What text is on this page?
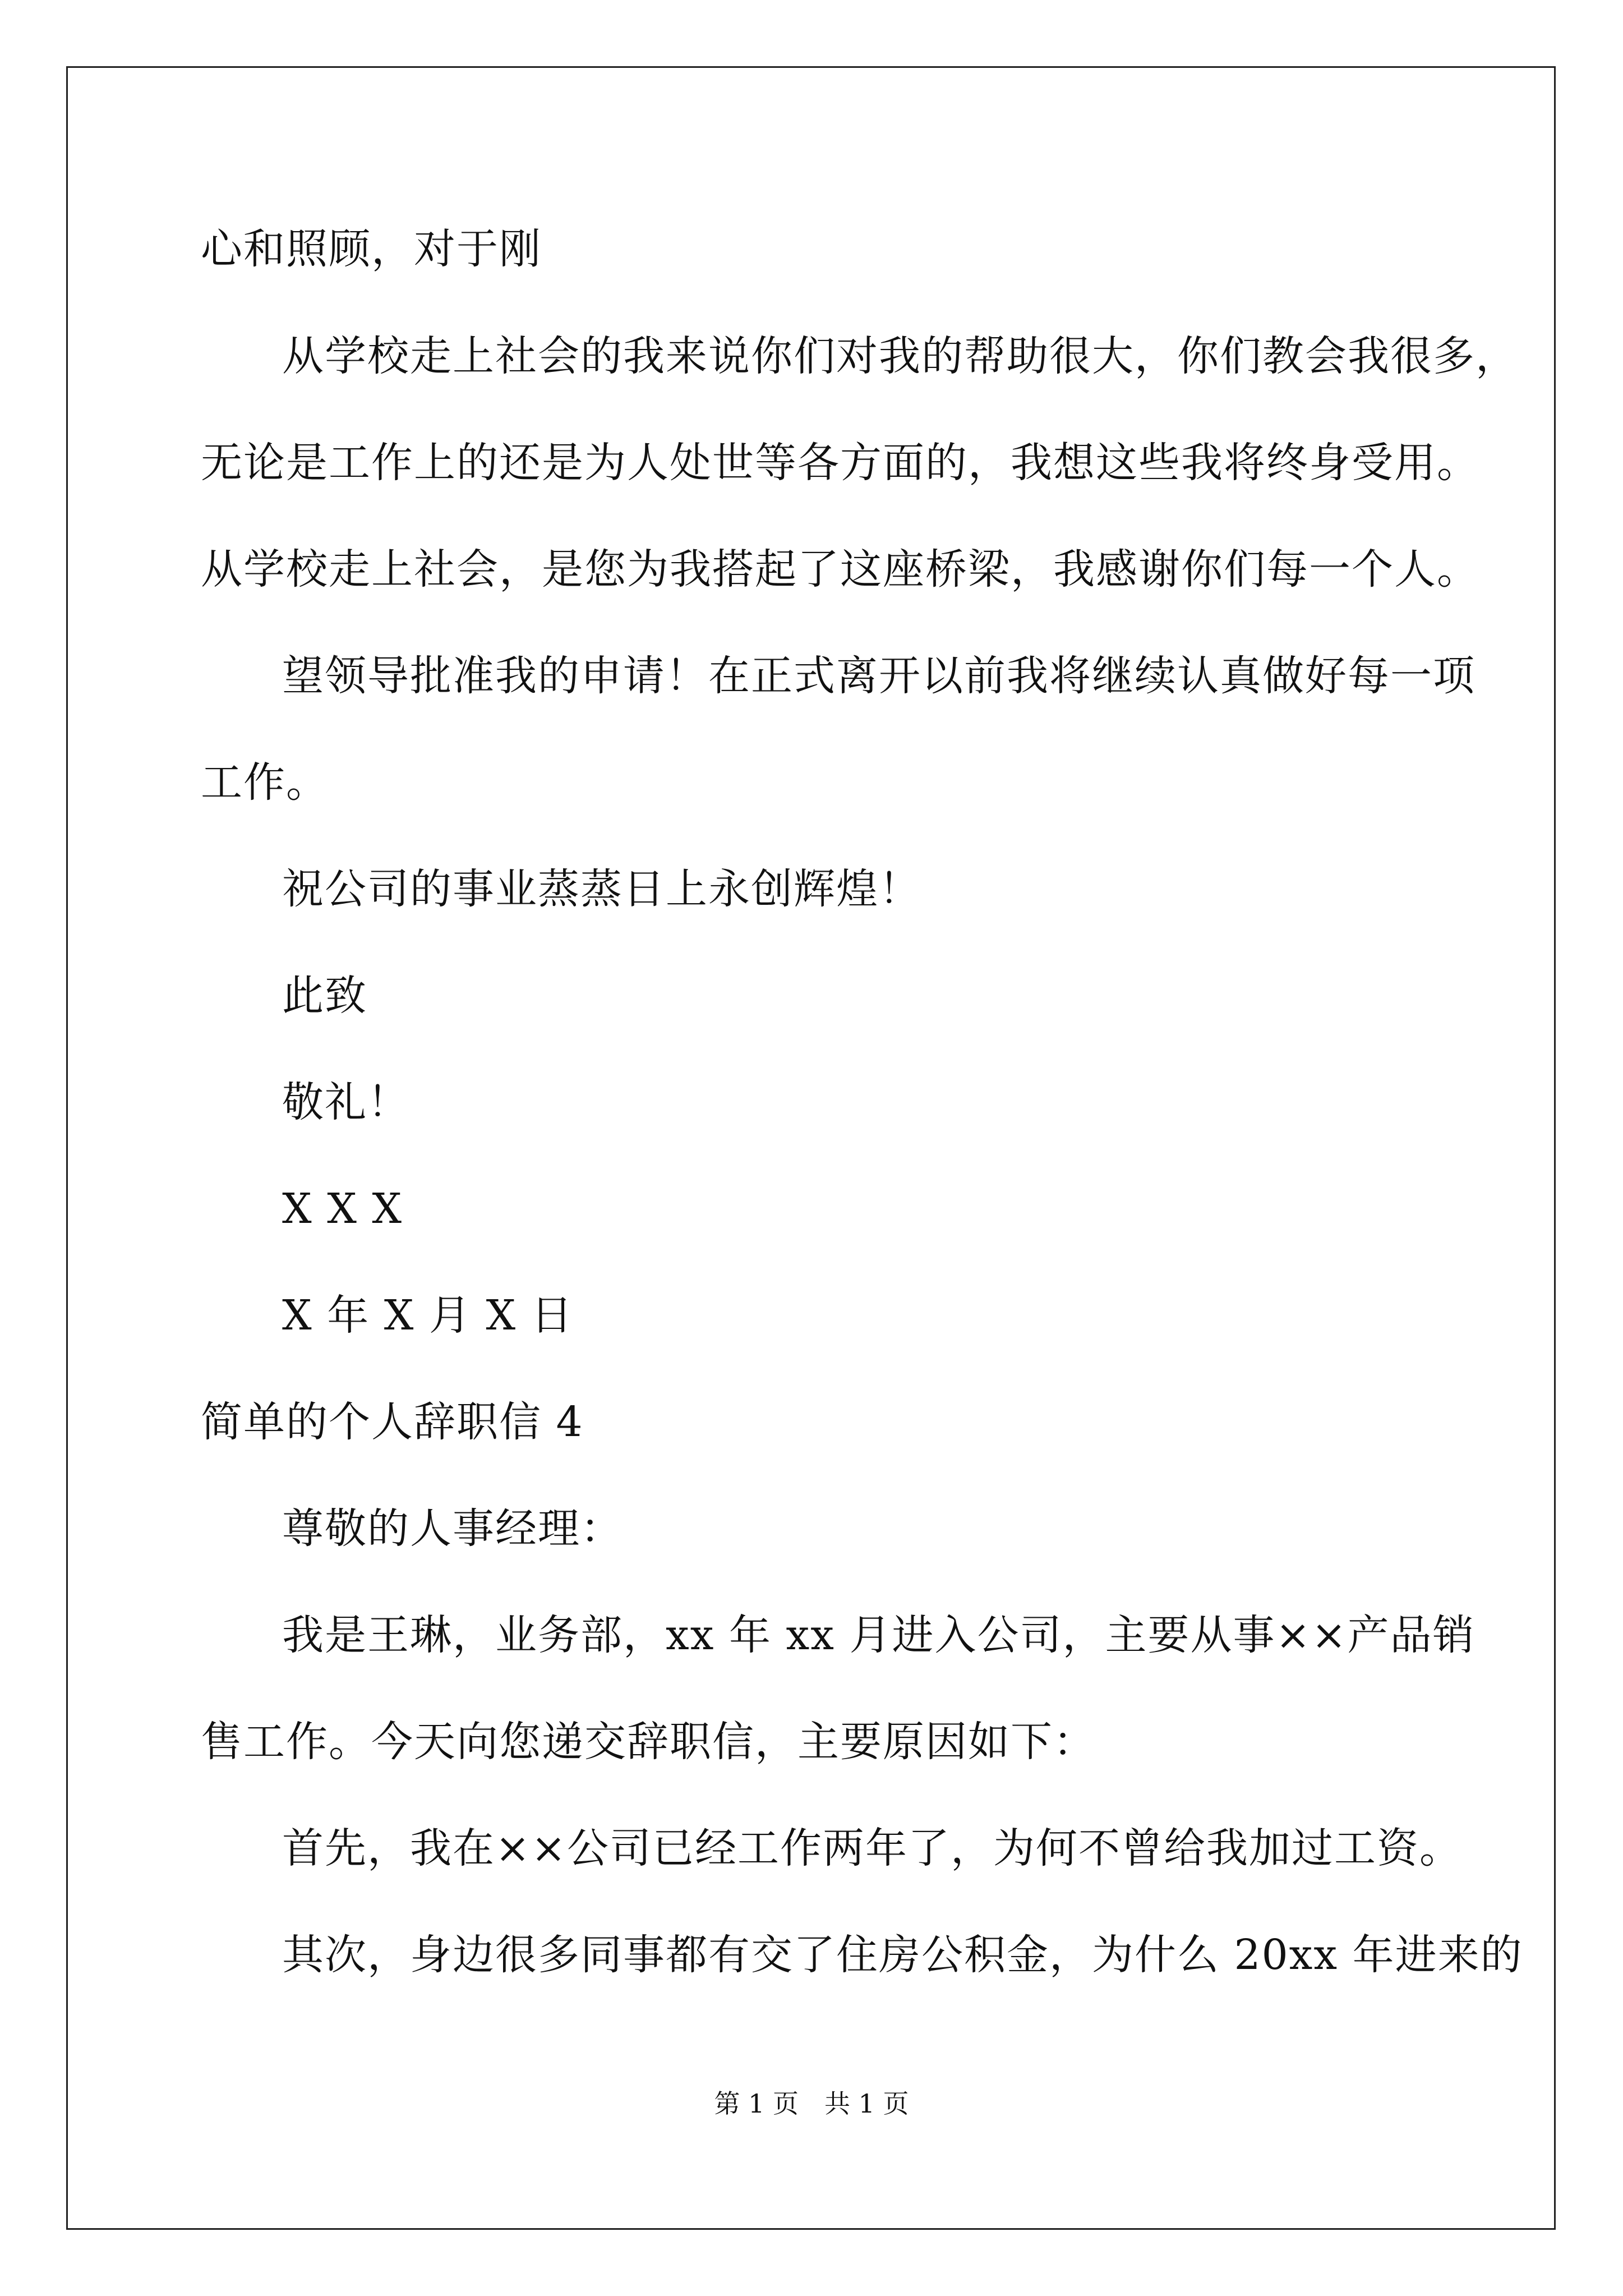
心和照顾，对于刚
从学校走上社会的我来说你们对我的帮助很大，你们教会我很多，
无论是工作上的还是为人处世等各方面的，我想这些我将终身受用。
从学校走上社会，是您为我搭起了这座桥梁，我感谢你们每一个人。
望领导批准我的申请！在正式离开以前我将继续认真做好每一项
工作。
祝公司的事业蒸蒸日上永创辉煌！
此致
敬礼！
X X X
X 年 X 月 X 日
简单的个人辞职信 4
尊敬的人事经理：
我是王琳，业务部，xx 年 xx 月进入公司，主要从事××产品销
售工作。今天向您递交辞职信，主要原因如下：
首先，我在××公司已经工作两年了，为何不曾给我加过工资。
其次，身边很多同事都有交了住房公积金，为什么 20xx 年进来的
第 1 页　共 1 页
